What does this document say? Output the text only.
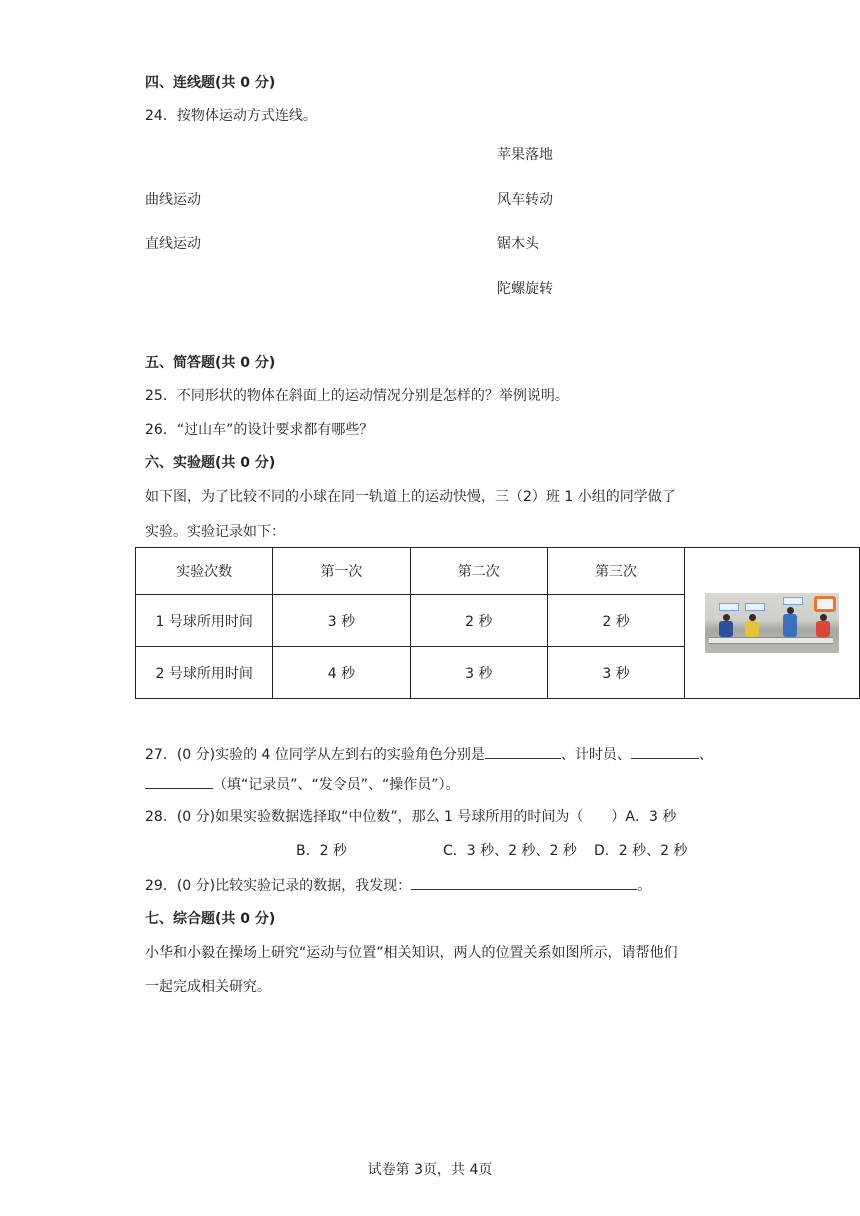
四、连线题(共 0 分)
24．按物体运动方式连线。
苹果落地
曲线运动	风车转动
直线运动	锯木头
陀螺旋转
五、简答题(共 0 分)
25．不同形状的物体在斜面上的运动情况分别是怎样的？举例说明。
26．“过山车”的设计要求都有哪些？
六、实验题(共 0 分)
如下图，为了比较不同的小球在同一轨道上的运动快慢，三（2）班 1 小组的同学做了
实验。实验记录如下：
实验次数	第一次	第二次	第三次	

1 号球所用时间	3 秒	2 秒	2 秒	
2 号球所用时间	4 秒	3 秒	3 秒	
27．(0 分)实验的 4 位同学从左到右的实验角色分别是	、计时员、	、
（填“记录员”、“发令员”、“操作员”）。
28．(0 分)如果实验数据选择取“中位数”，那么 1 号球所用的时间为（　　）A．3 秒
B．2 秒	C．3 秒、2 秒、2 秒 D．2 秒、2 秒
29．(0 分)比较实验记录的数据，我发现：	。
七、综合题(共 0 分)
小华和小毅在操场上研究“运动与位置”相关知识，两人的位置关系如图所示，请帮他们
一起完成相关研究。
试卷第 3页，共 4页
